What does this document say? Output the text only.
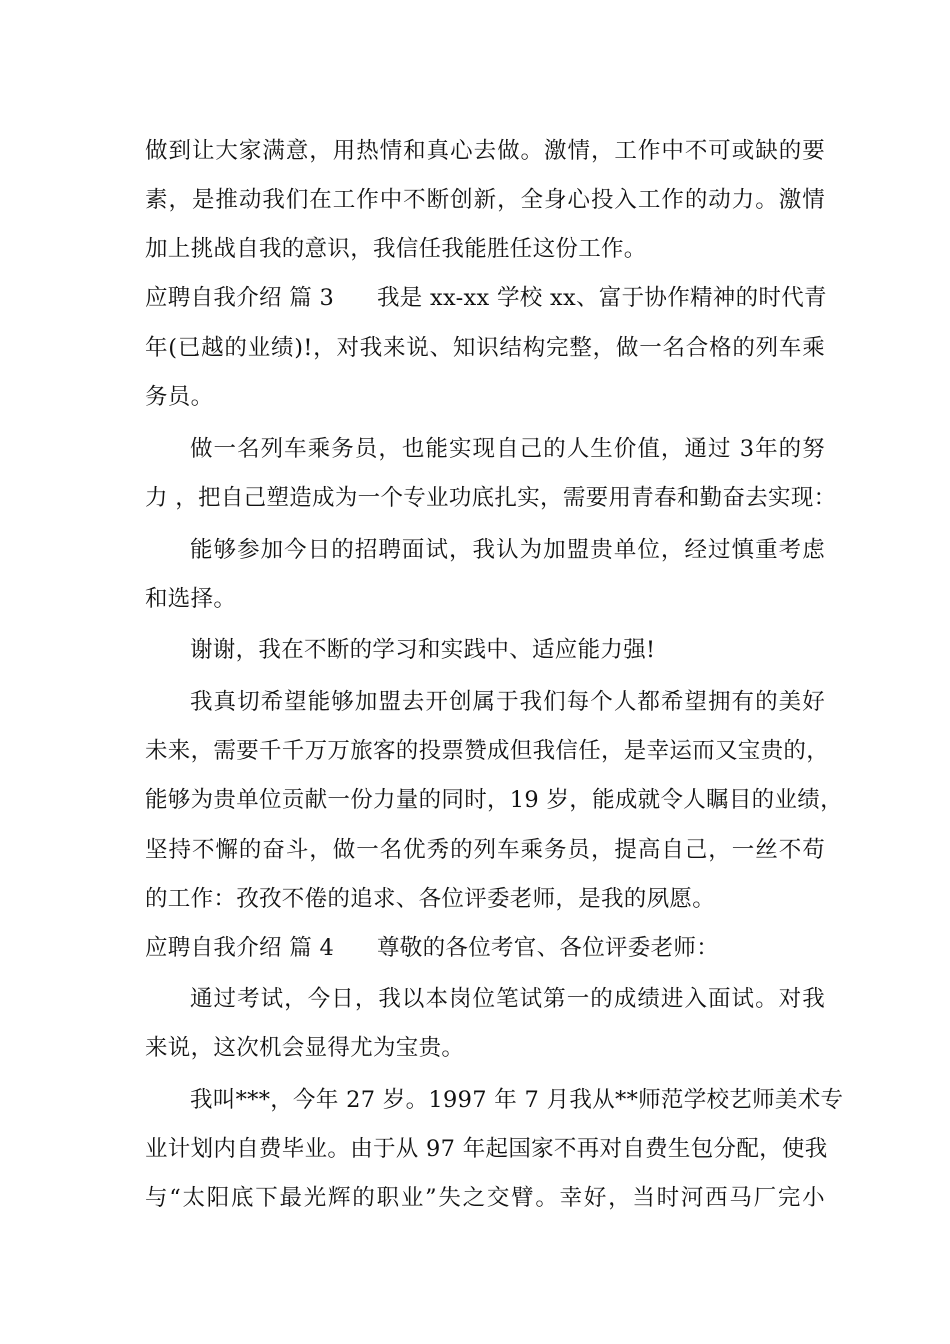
做到让大家满意，用热情和真心去做。激情，工作中不可或缺的要
素，是推动我们在工作中不断创新，全身心投入工作的动力。激情
加上挑战自我的意识，我信任我能胜任这份工作。
应聘自我介绍 篇 3 我是 xx-xx 学校 xx、富于协作精神的时代青
年(已越的业绩)!，对我来说、知识结构完整，做一名合格的列车乘
务员。
做一名列车乘务员，也能实现自己的人生价值，通过 3年的努
力 ，把自己塑造成为一个专业功底扎实，需要用青春和勤奋去实现：
能够参加今日的招聘面试，我认为加盟贵单位，经过慎重考虑
和选择。
谢谢，我在不断的学习和实践中、适应能力强!
我真切希望能够加盟去开创属于我们每个人都希望拥有的美好
未来，需要千千万万旅客的投票赞成但我信任，是幸运而又宝贵的，
能够为贵单位贡献一份力量的同时，19 岁，能成就令人瞩目的业绩，
坚持不懈的奋斗，做一名优秀的列车乘务员，提高自己，一丝不苟
的工作：孜孜不倦的追求、各位评委老师，是我的夙愿。
应聘自我介绍 篇 4 尊敬的各位考官、各位评委老师：
通过考试，今日，我以本岗位笔试第一的成绩进入面试。对我
来说，这次机会显得尤为宝贵。
我叫***，今年 27 岁。1997 年 7 月我从**师范学校艺师美术专
业计划内自费毕业。由于从 97 年起国家不再对自费生包分配，使我
与“太阳底下最光辉的职业”失之交臂。幸好，当时河西马厂完小
